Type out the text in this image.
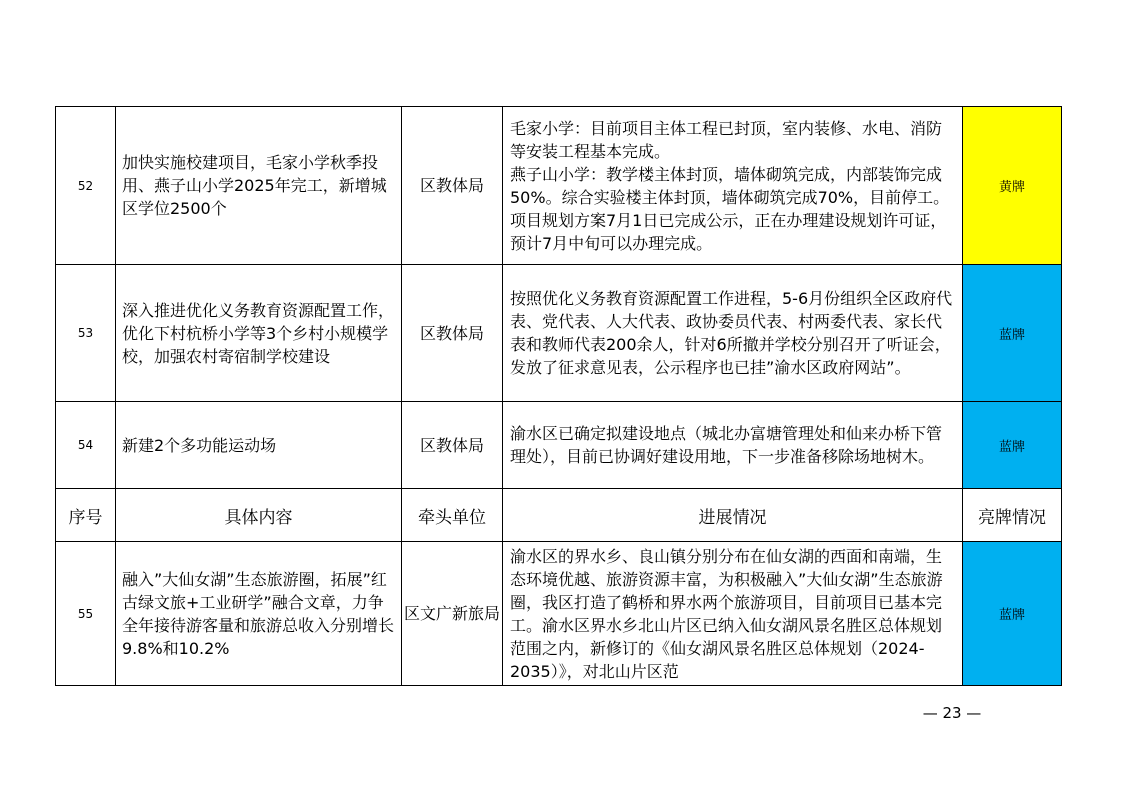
52	加快实施校建项目，毛家小学秋季投用、燕子山小学2025年完工，新增城区学位2500个	区教体局	毛家小学：目前项目主体工程已封顶，室内装修、水电、消防等安装工程基本完成。
燕子山小学：教学楼主体封顶，墙体砌筑完成，内部装饰完成50%。综合实验楼主体封顶，墙体砌筑完成70%，目前停工。项目规划方案7月1日已完成公示，正在办理建设规划许可证，预计7月中旬可以办理完成。	黄牌
53	深入推进优化义务教育资源配置工作，优化下村杭桥小学等3个乡村小规模学校，加强农村寄宿制学校建设	区教体局	按照优化义务教育资源配置工作进程，5-6月份组织全区政府代表、党代表、人大代表、政协委员代表、村两委代表、家长代表和教师代表200余人，针对6所撤并学校分别召开了听证会，发放了征求意见表，公示程序也已挂”渝水区政府网站”。	蓝牌
54	新建2个多功能运动场	区教体局	渝水区已确定拟建设地点（城北办富塘管理处和仙来办桥下管理处），目前已协调好建设用地，下一步准备移除场地树木。	蓝牌
序号	具体内容	牵头单位	进展情况	亮牌情况
55	融入”大仙女湖”生态旅游圈，拓展”红古绿文旅+工业研学”融合文章，力争全年接待游客量和旅游总收入分别增长9.8%和10.2%	区文广新旅局	渝水区的界水乡、良山镇分别分布在仙女湖的西面和南端，生态环境优越、旅游资源丰富，为积极融入”大仙女湖”生态旅游圈，我区打造了鹤桥和界水两个旅游项目，目前项目已基本完工。渝水区界水乡北山片区已纳入仙女湖风景名胜区总体规划范围之内，新修订的《仙女湖风景名胜区总体规划（2024-2035）》，对北山片区范	蓝牌
— 23 —
